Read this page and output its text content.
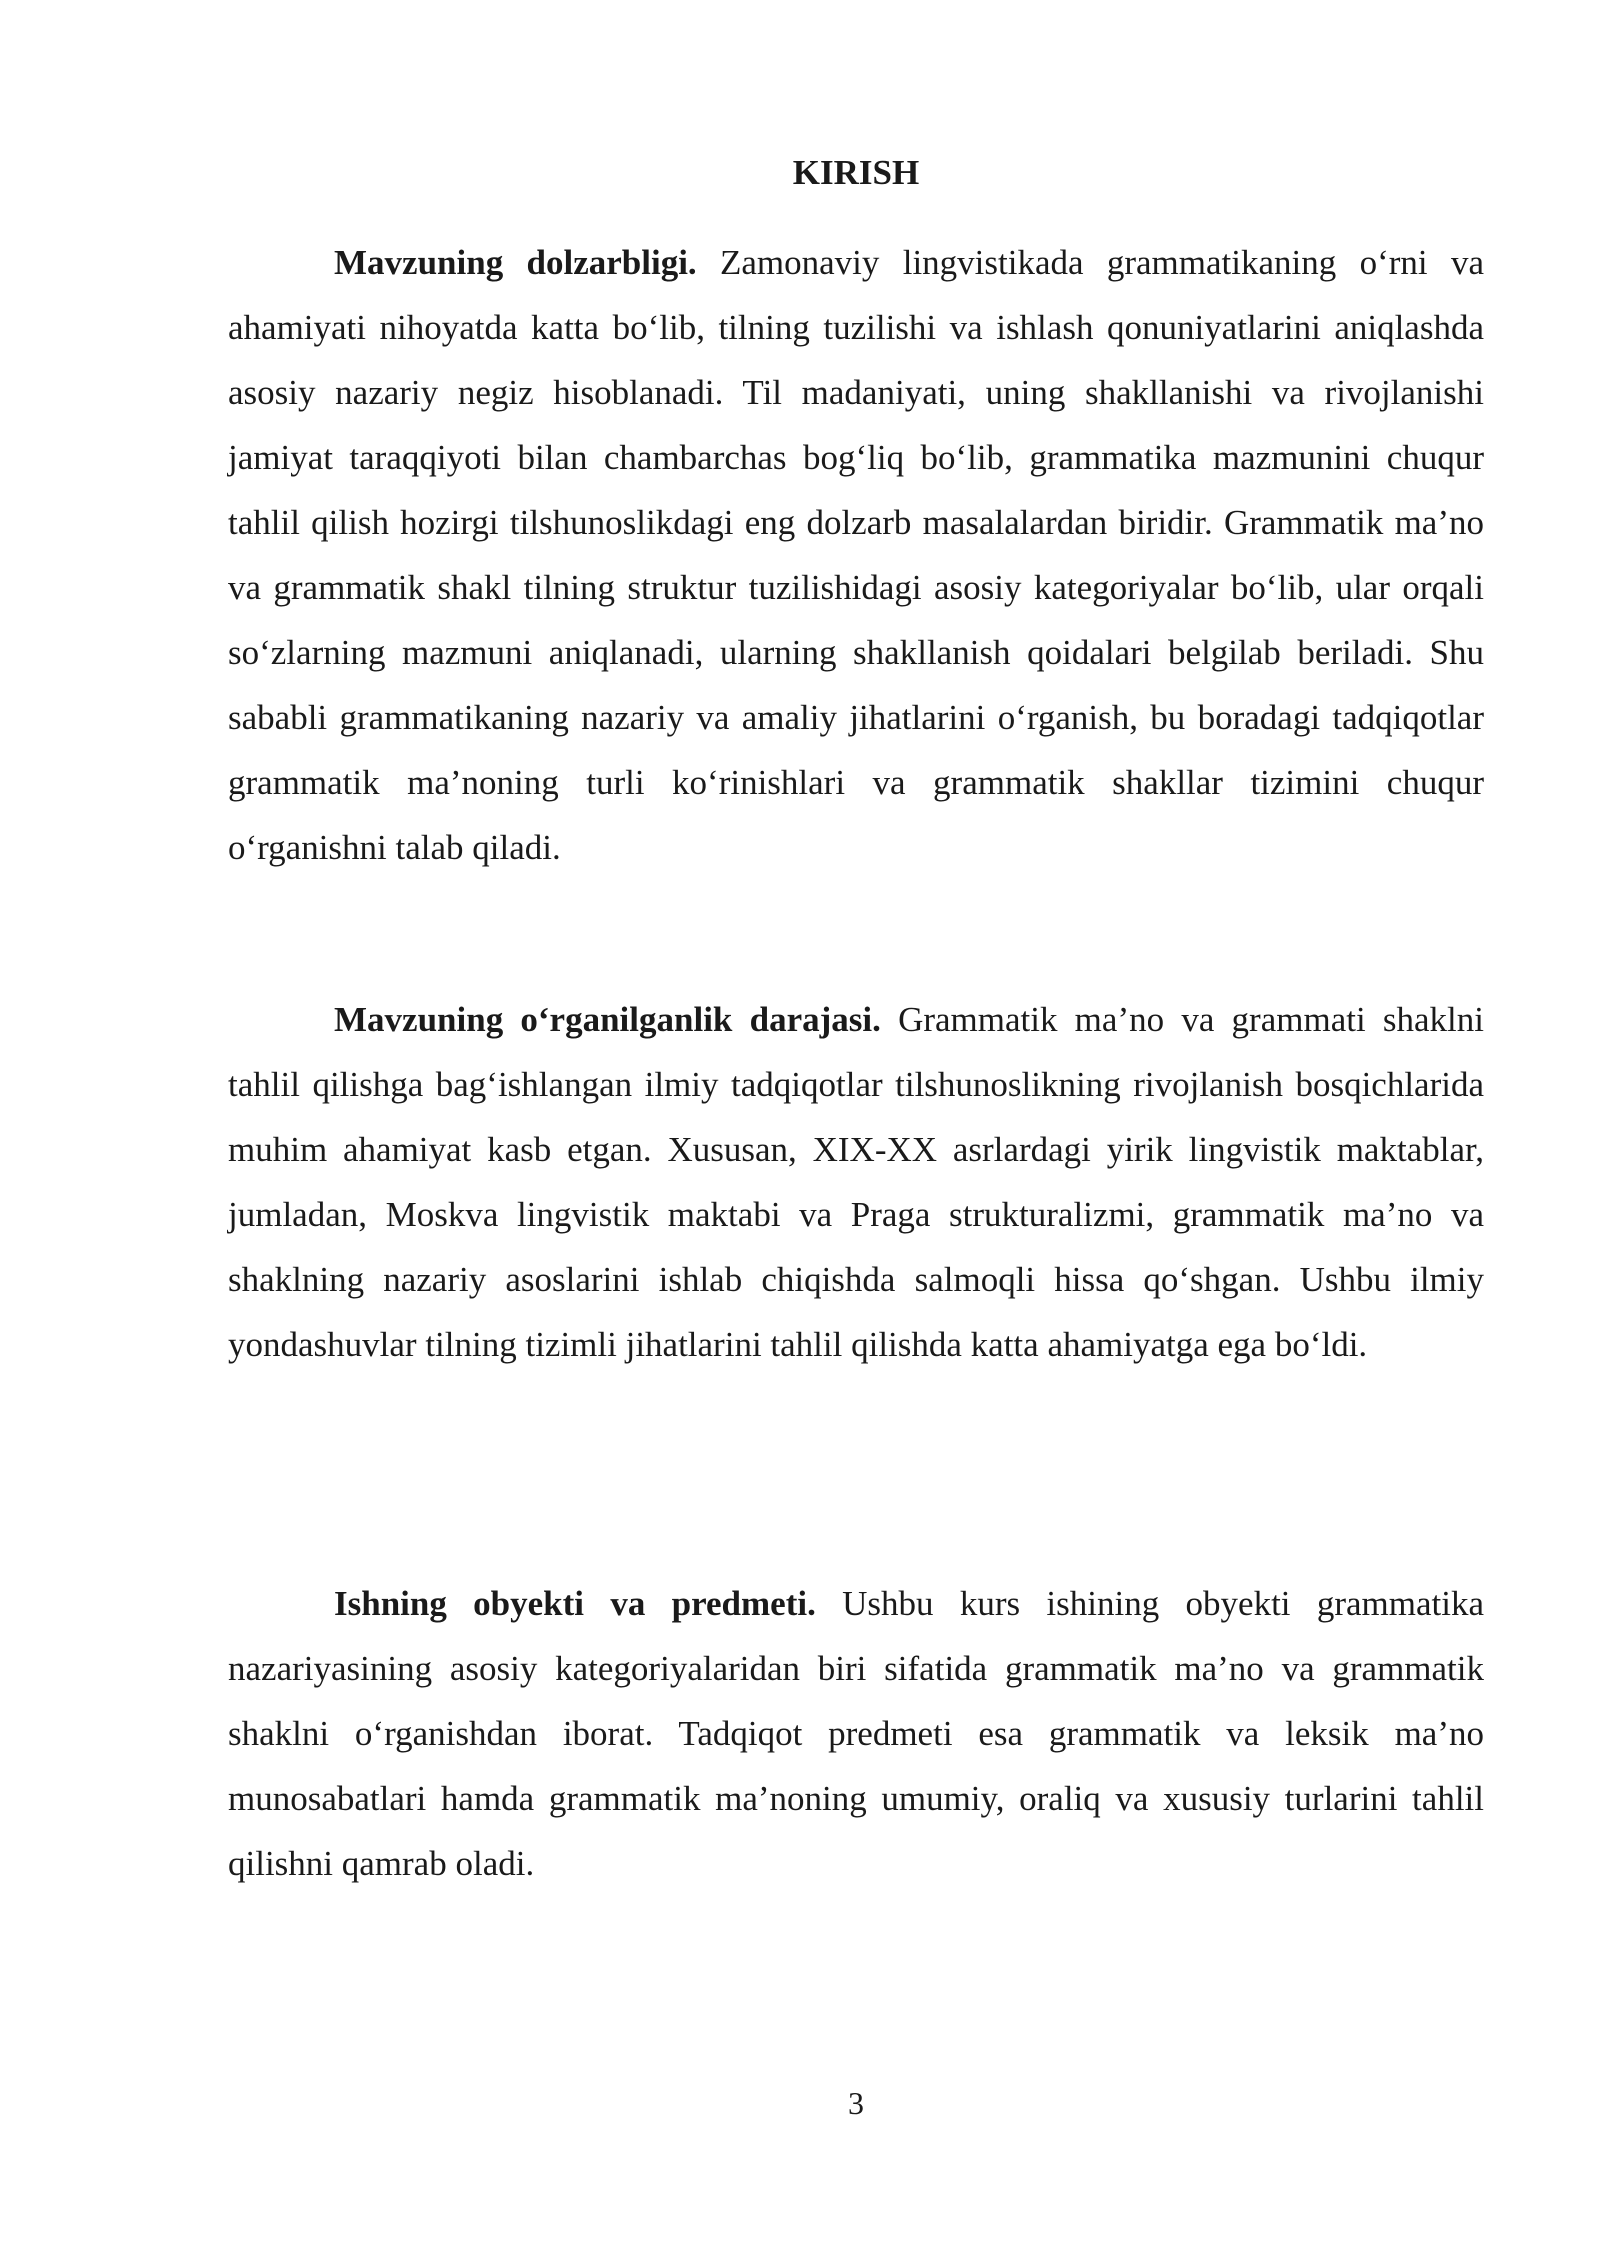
KIRISH

Mavzuning dolzarbligi. Zamonaviy lingvistikada grammatikaning o‘rni va ahamiyati nihoyatda katta bo‘lib, tilning tuzilishi va ishlash qonuniyatlarini aniqlashda asosiy nazariy negiz hisoblanadi. Til madaniyati, uning shakllanishi va rivojlanishi jamiyat taraqqiyoti bilan chambarchas bog‘liq bo‘lib, grammatika mazmunini chuqur tahlil qilish hozirgi tilshunoslikdagi eng dolzarb masalalardan biridir. Grammatik ma’no va grammatik shakl tilning struktur tuzilishidagi asosiy kategoriyalar bo‘lib, ular orqali so‘zlarning mazmuni aniqlanadi, ularning shakllanish qoidalari belgilab beriladi. Shu sababli grammatikaning nazariy va amaliy jihatlarini o‘rganish, bu boradagi tadqiqotlar grammatik ma’noning turli ko‘rinishlari va grammatik shakllar tizimini chuqur o‘rganishni talab qiladi.

Mavzuning o‘rganilganlik darajasi. Grammatik ma’no va grammati shaklni tahlil qilishga bag‘ishlangan ilmiy tadqiqotlar tilshunoslikning rivojlanish bosqichlarida muhim ahamiyat kasb etgan. Xususan, XIX-XX asrlardagi yirik lingvistik maktablar, jumladan, Moskva lingvistik maktabi va Praga strukturalizmi, grammatik ma’no va shaklning nazariy asoslarini ishlab chiqishda salmoqli hissa qo‘shgan. Ushbu ilmiy yondashuvlar tilning tizimli jihatlarini tahlil qilishda katta ahamiyatga ega bo‘ldi.

Ishning obyekti va predmeti. Ushbu kurs ishining obyekti grammatika nazariyasining asosiy kategoriyalaridan biri sifatida grammatik ma’no va grammatik shaklni o‘rganishdan iborat. Tadqiqot predmeti esa grammatik va leksik ma’no munosabatlari hamda grammatik ma’noning umumiy, oraliq va xususiy turlarini tahlil qilishni qamrab oladi.

3
